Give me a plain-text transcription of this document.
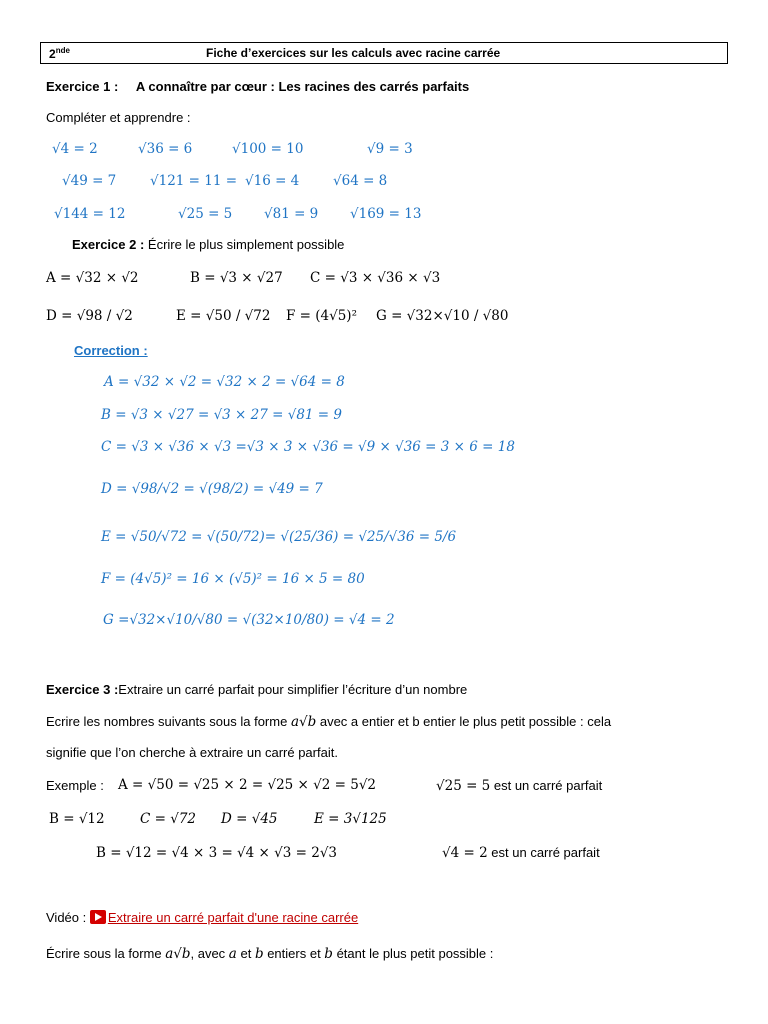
2nde	Fiche d’exercices sur les calculs avec racine carrée
Exercice 1 : A connaître par cœur : Les racines des carrés parfaits
Compléter et apprendre :
√4 = 2	√36 = 6	√100 = 10	√9 = 3
√49 = 7 √121 = 11 = √16 = 4 √64 = 8
√144 = 12	√25 = 5 √81 = 9 √169 = 13
Exercice 2 : Écrire le plus simplement possible
A = √32 × √2	B = √3 × √27 C = √3 × √36 × √3
D = √98 / √2	E = √50 / √72 F = (4√5)² G = √32×√10 / √80
Correction :
A = √32 × √2 = √32 × 2 = √64 = 8
B = √3 × √27 = √3 × 27 = √81 = 9
C = √3 × √36 × √3 =√3 × 3 × √36 = √9 × √36 = 3 × 6 = 18
D = √98/√2 = √(98/2) = √49 = 7
E = √50/√72 = √(50/72)= √(25/36) = √25/√36 = 5/6
F = (4√5)² = 16 × (√5)² = 16 × 5 = 80
G =√32×√10/√80 = √(32×10/80) = √4 = 2
Exercice 3 :Extraire un carré parfait pour simplifier l’écriture d’un nombre
Ecrire les nombres suivants sous la forme a√b avec a entier et b entier le plus petit possible : cela
signifie que l’on cherche à extraire un carré parfait.
Exemple : A = √50 = √25 × 2 = √25 × √2 = 5√2	√25 = 5 est un carré parfait
B = √12	C = √72 D = √45	E = 3√125
B = √12 = √4 × 3 = √4 × √3 = 2√3	√4 = 2 est un carré parfait
Vidéo : Extraire un carré parfait d'une racine carrée
Écrire sous la forme a√b, avec a et b entiers et b étant le plus petit possible :
